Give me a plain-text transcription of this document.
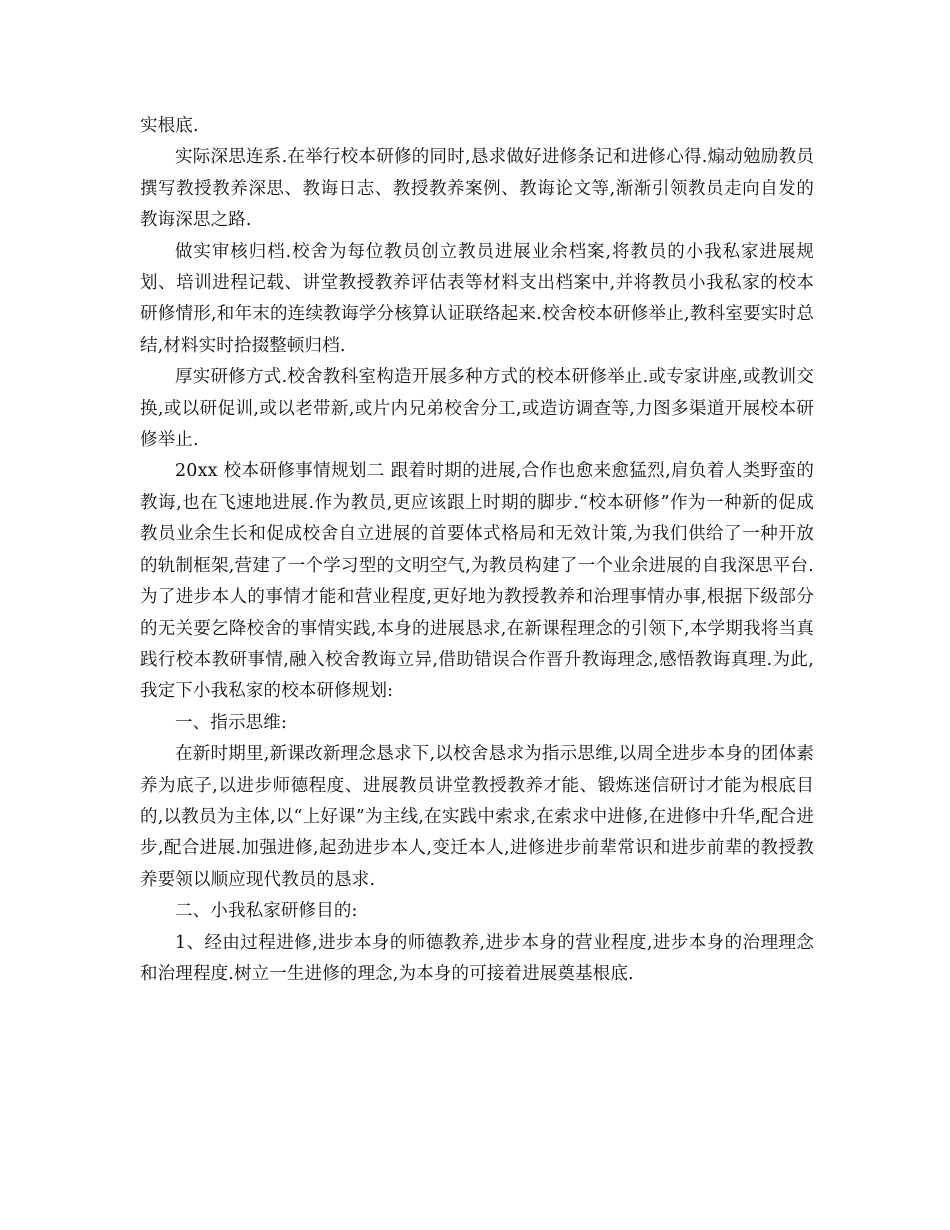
实根底.

实际深思连系.在举行校本研修的同时,恳求做好进修条记和进修心得.煽动勉励教员撰写教授教养深思、教诲日志、教授教养案例、教诲论文等,渐渐引领教员走向自发的教诲深思之路.

做实审核归档.校舍为每位教员创立教员进展业余档案,将教员的小我私家进展规划、培训进程记载、讲堂教授教养评估表等材料支出档案中,并将教员小我私家的校本研修情形,和年末的连续教诲学分核算认证联络起来.校舍校本研修举止,教科室要实时总结,材料实时拾掇整顿归档.

厚实研修方式.校舍教科室构造开展多种方式的校本研修举止.或专家讲座,或教训交换,或以研促训,或以老带新,或片内兄弟校舍分工,或造访调查等,力图多渠道开展校本研修举止.

20xx 校本研修事情规划二 跟着时期的进展,合作也愈来愈猛烈,肩负着人类野蛮的教诲,也在飞速地进展.作为教员,更应该跟上时期的脚步.“校本研修”作为一种新的促成教员业余生长和促成校舍自立进展的首要体式格局和无效计策,为我们供给了一种开放的轨制框架,营建了一个学习型的文明空气,为教员构建了一个业余进展的自我深思平台.为了进步本人的事情才能和营业程度,更好地为教授教养和治理事情办事,根据下级部分的无关要乞降校舍的事情实践,本身的进展恳求,在新课程理念的引领下,本学期我将当真践行校本教研事情,融入校舍教诲立异,借助错误合作晋升教诲理念,感悟教诲真理.为此,我定下小我私家的校本研修规划:

一、指示思维:

在新时期里,新课改新理念恳求下,以校舍恳求为指示思维,以周全进步本身的团体素养为底子,以进步师德程度、进展教员讲堂教授教养才能、锻炼迷信研讨才能为根底目的,以教员为主体,以“上好课”为主线,在实践中索求,在索求中进修,在进修中升华,配合进步,配合进展.加强进修,起劲进步本人,变迁本人,进修进步前辈常识和进步前辈的教授教养要领以顺应现代教员的恳求.

二、小我私家研修目的:

1、经由过程进修,进步本身的师德教养,进步本身的营业程度,进步本身的治理理念和治理程度.树立一生进修的理念,为本身的可接着进展奠基根底.
